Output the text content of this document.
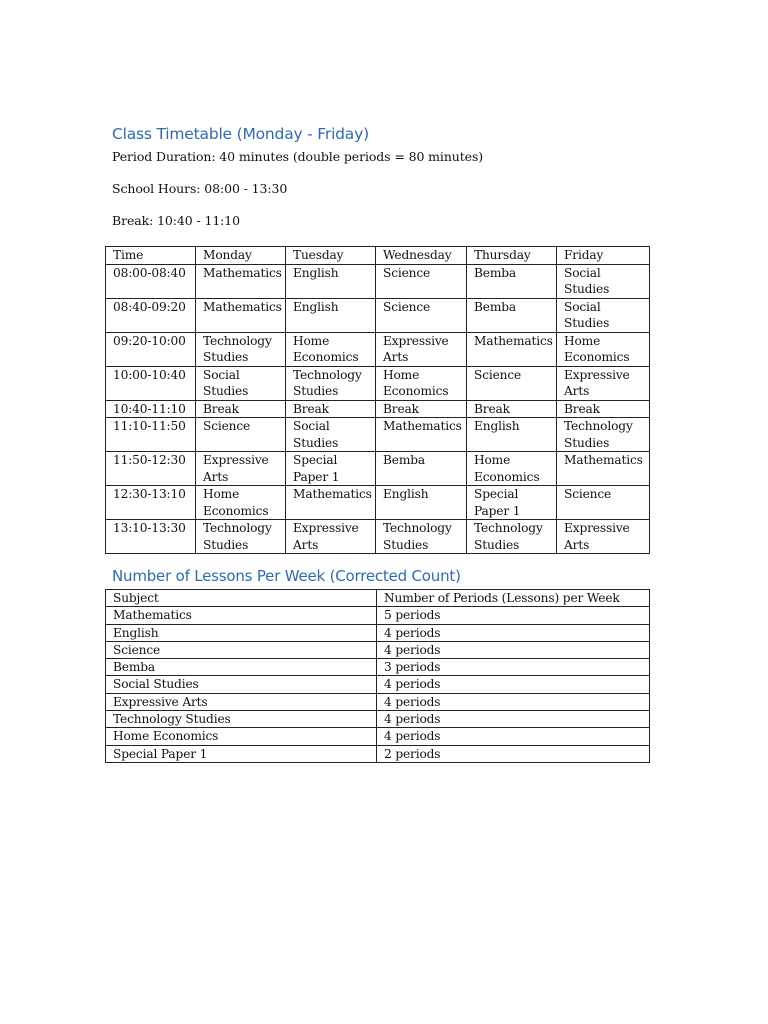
Class Timetable (Monday - Friday)
Period Duration: 40 minutes (double periods = 80 minutes)
School Hours: 08:00 - 13:30
Break: 10:40 - 11:10
Time	Monday	Tuesday	Wednesday	Thursday	Friday
08:00-08:40	Mathematics	English	Science	Bemba	Social Studies
08:40-09:20	Mathematics	English	Science	Bemba	Social Studies
09:20-10:00	Technology Studies	Home Economics	Expressive Arts	Mathematics	Home Economics
10:00-10:40	Social Studies	Technology Studies	Home Economics	Science	Expressive Arts
10:40-11:10	Break	Break	Break	Break	Break
11:10-11:50	Science	Social Studies	Mathematics	English	Technology Studies
11:50-12:30	Expressive Arts	Special Paper 1	Bemba	Home Economics	Mathematics
12:30-13:10	Home Economics	Mathematics	English	Special Paper 1	Science
13:10-13:30	Technology Studies	Expressive Arts	Technology Studies	Technology Studies	Expressive Arts
Number of Lessons Per Week (Corrected Count)
Subject	Number of Periods (Lessons) per Week
Mathematics	5 periods
English	4 periods
Science	4 periods
Bemba	3 periods
Social Studies	4 periods
Expressive Arts	4 periods
Technology Studies	4 periods
Home Economics	4 periods
Special Paper 1	2 periods
